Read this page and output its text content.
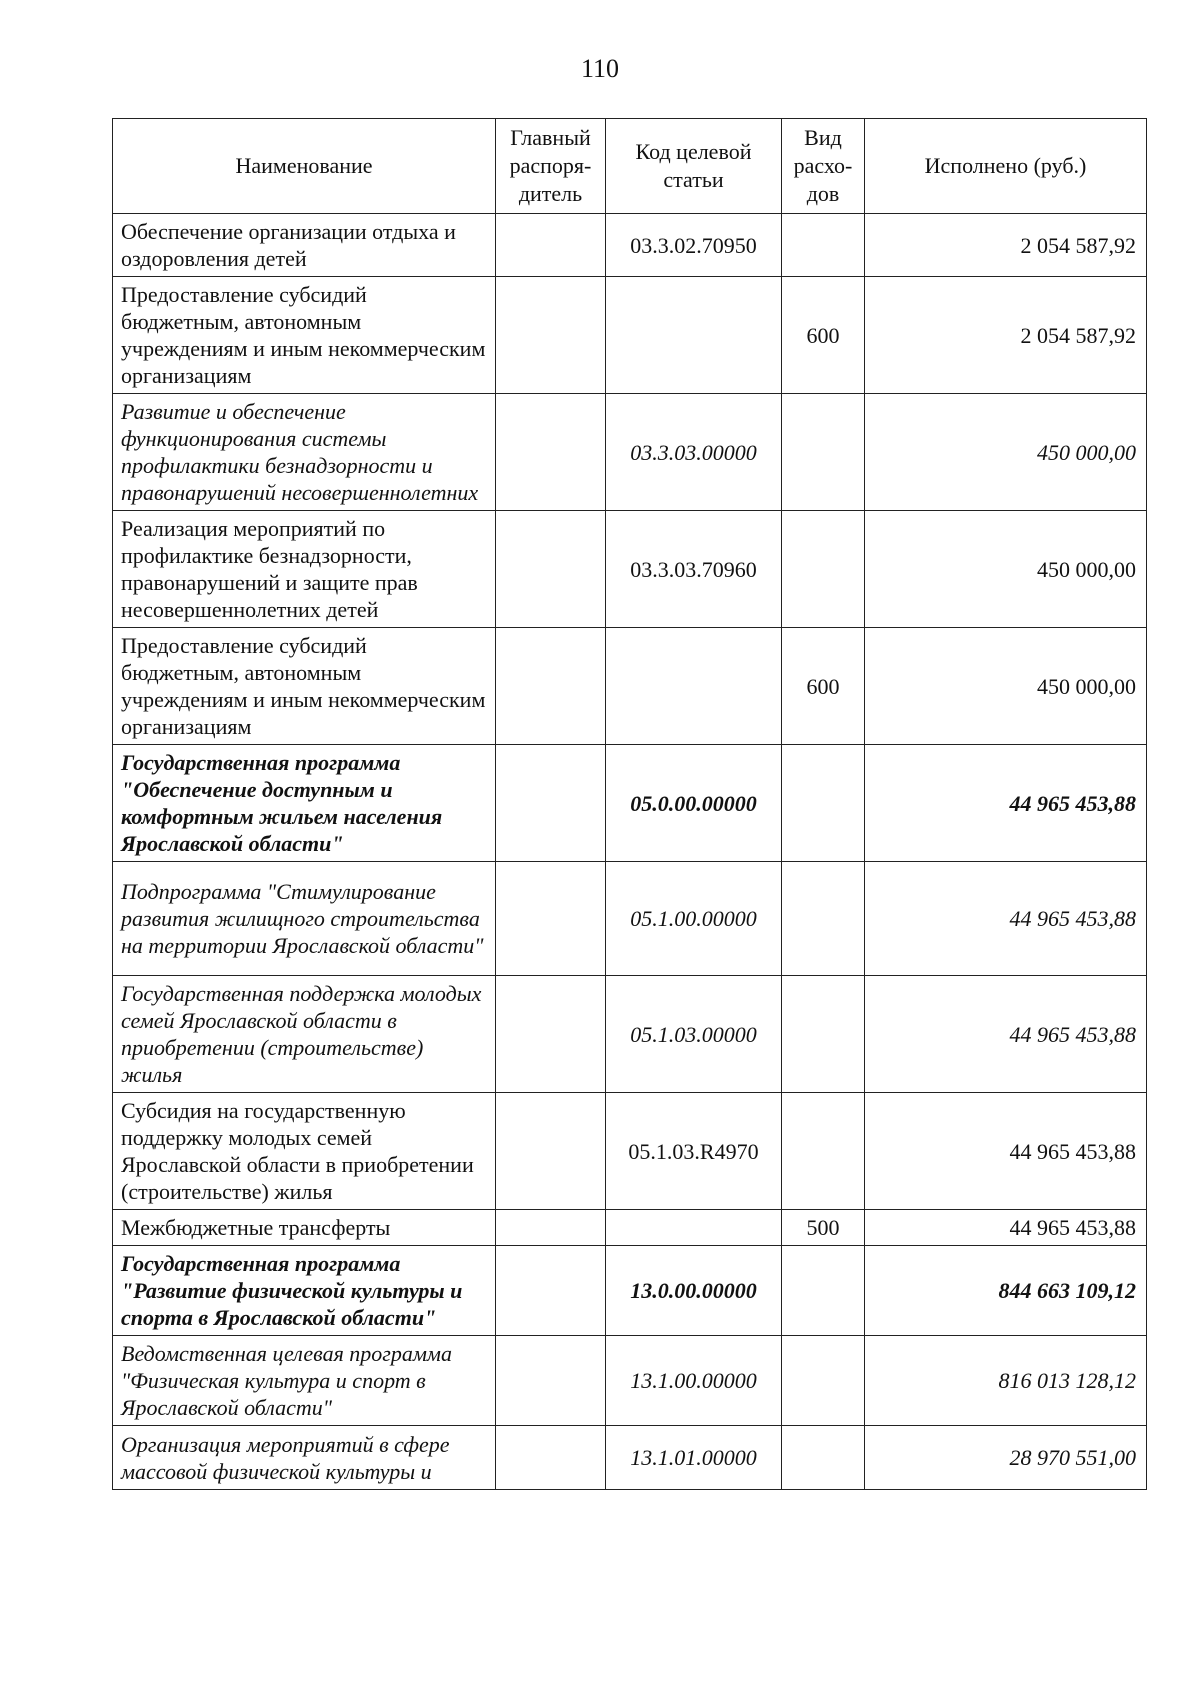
110
Наименование	Главный распоря-дитель	Код целевой статьи	Вид расхо-дов	Исполнено (руб.)
Обеспечение организации отдыха и оздоровления детей		03.3.02.70950		2 054 587,92
Предоставление субсидий бюджетным, автономным учреждениям и иным некоммерческим организациям			600	2 054 587,92
Развитие и обеспечение функционирования системы профилактики безнадзорности и правонарушений несовершеннолетних		03.3.03.00000		450 000,00
Реализация мероприятий по профилактике безнадзорности, правонарушений и защите прав несовершеннолетних детей		03.3.03.70960		450 000,00
Предоставление субсидий бюджетным, автономным учреждениям и иным некоммерческим организациям			600	450 000,00
Государственная программа "Обеспечение доступным и комфортным жильем населения Ярославской области"		05.0.00.00000		44 965 453,88
Подпрограмма "Стимулирование развития жилищного строительства на территории Ярославской области"		05.1.00.00000		44 965 453,88
Государственная поддержка молодых семей Ярославской области в приобретении (строительстве) жилья		05.1.03.00000		44 965 453,88
Субсидия на государственную поддержку молодых семей Ярославской области в приобретении (строительстве) жилья		05.1.03.R4970		44 965 453,88
Межбюджетные трансферты			500	44 965 453,88
Государственная программа "Развитие физической культуры и спорта в Ярославской области"		13.0.00.00000		844 663 109,12
Ведомственная целевая программа "Физическая культура и спорт в Ярославской области"		13.1.00.00000		816 013 128,12
Организация мероприятий в сфере массовой физической культуры и		13.1.01.00000		28 970 551,00
